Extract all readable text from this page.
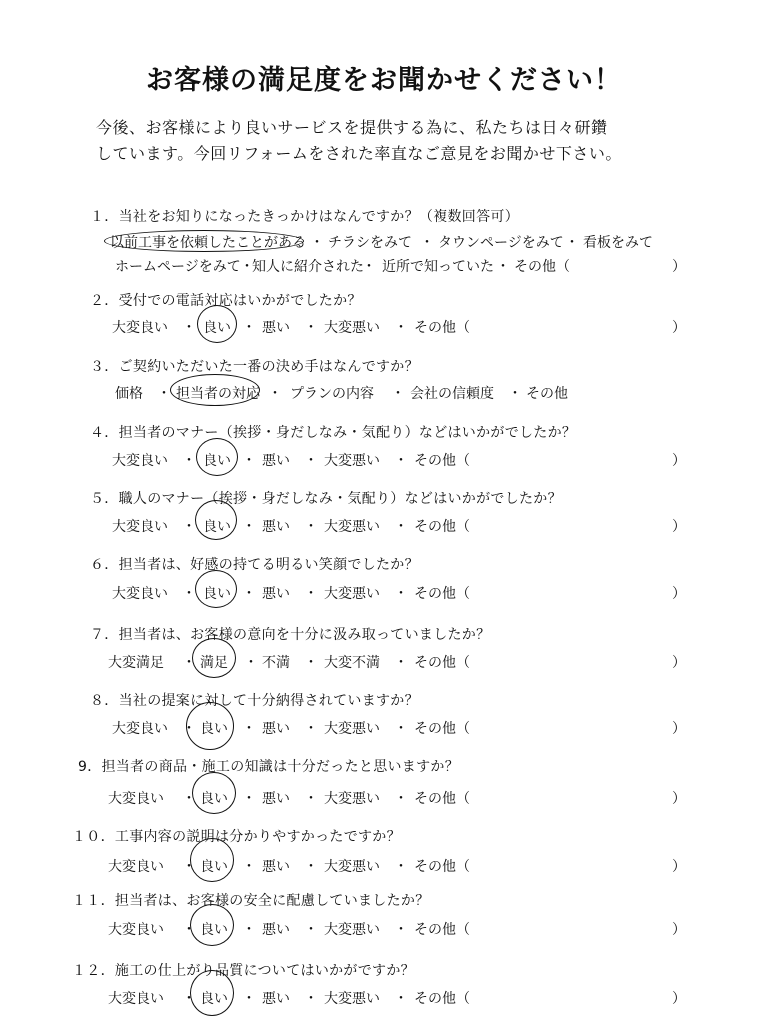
お客様の満足度をお聞かせください！
今後、お客様により良いサービスを提供する為に、私たちは日々研鑽
しています。今回リフォームをされた率直なご意見をお聞かせ下さい。
１．当社をお知りになったきっかけはなんですか？（複数回答可）
以前工事を依頼したことがある ・ チラシをみて ・ タウンページをみて ・ 看板をみて
ホームページをみて ・
知人に紹介された
・ 近所で知っていた ・ その他（	）
２．受付での電話対応はいかがでしたか？
大変良い ・ 良い ・ 悪い ・ 大変悪い ・ その他（	）
３．ご契約いただいた一番の決め手はなんですか？
価格 ・ 担当者の対応 ・ プランの内容 ・ 会社の信頼度 ・ その他
４．担当者のマナー（挨拶・身だしなみ・気配り）などはいかがでしたか？
大変良い ・ 良い ・ 悪い ・ 大変悪い ・ その他（	）
５．職人のマナー（挨拶・身だしなみ・気配り）などはいかがでしたか？
大変良い ・ 良い ・ 悪い ・ 大変悪い ・ その他（	）
６．担当者は、好感の持てる明るい笑顔でしたか？
大変良い ・ 良い ・ 悪い ・ 大変悪い ・ その他（	）
７．担当者は、お客様の意向を十分に汲み取っていましたか？
大変満足 ・ 満足 ・ 不満 ・ 大変不満 ・ その他（	）
８．当社の提案に対して十分納得されていますか？
大変良い ・ 良い ・ 悪い ・ 大変悪い ・ その他（	）
9．担当者の商品・施工の知識は十分だったと思いますか？
大変良い ・ 良い ・ 悪い ・ 大変悪い ・ その他（	）
１０．工事内容の説明は分かりやすかったですか？
大変良い ・ 良い ・ 悪い ・ 大変悪い ・ その他（	）
１１．担当者は、お客様の安全に配慮していましたか？
大変良い ・ 良い ・ 悪い ・ 大変悪い ・ その他（	）
１２．施工の仕上がり品質についてはいかがですか？
大変良い ・ 良い ・ 悪い ・ 大変悪い ・ その他（	）
